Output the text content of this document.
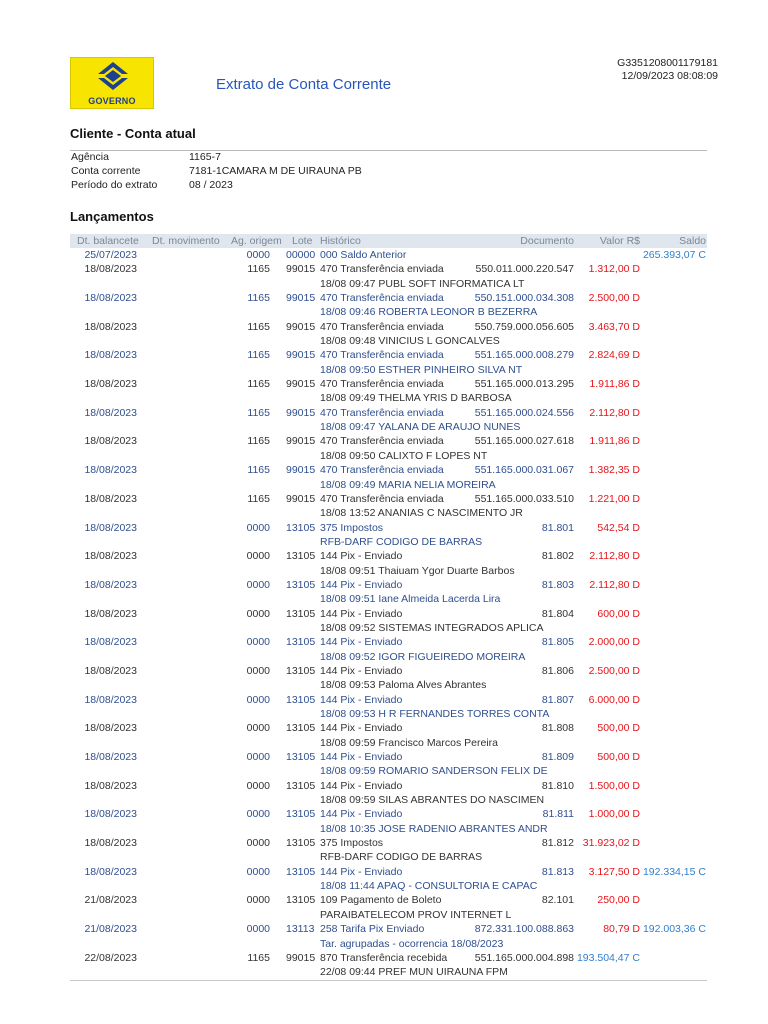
GOVERNO
Extrato de Conta Corrente
G3351208001179181
12/09/2023 08:08:09
Cliente - Conta atual
Agência	1165-7
Conta corrente	7181-1CAMARA M DE UIRAUNA PB
Período do extrato	08 / 2023
Lançamentos
Dt. balancete Dt. movimento Ag. origem Lote Histórico	Documento	Valor R$	Saldo
25/07/2023	0000 00000 000 Saldo Anterior	265.393,07 C
18/08/2023	1165 99015 470 Transferência enviada	550.011.000.220.547	1.312,00 D
18/08 09:47 PUBL SOFT INFORMATICA LT
18/08/2023	1165 99015 470 Transferência enviada	550.151.000.034.308	2.500,00 D
18/08 09:46 ROBERTA LEONOR B BEZERRA
18/08/2023	1165 99015 470 Transferência enviada	550.759.000.056.605	3.463,70 D
18/08 09:48 VINICIUS L GONCALVES
18/08/2023	1165 99015 470 Transferência enviada	551.165.000.008.279	2.824,69 D
18/08 09:50 ESTHER PINHEIRO SILVA NT
18/08/2023	1165 99015 470 Transferência enviada	551.165.000.013.295	1.911,86 D
18/08 09:49 THELMA YRIS D BARBOSA
18/08/2023	1165 99015 470 Transferência enviada	551.165.000.024.556	2.112,80 D
18/08 09:47 YALANA DE ARAUJO NUNES
18/08/2023	1165 99015 470 Transferência enviada	551.165.000.027.618	1.911,86 D
18/08 09:50 CALIXTO F LOPES NT
18/08/2023	1165 99015 470 Transferência enviada	551.165.000.031.067	1.382,35 D
18/08 09:49 MARIA NELIA MOREIRA
18/08/2023	1165 99015 470 Transferência enviada	551.165.000.033.510	1.221,00 D
18/08 13:52 ANANIAS C NASCIMENTO JR
18/08/2023	0000 13105 375 Impostos	81.801	542,54 D
RFB-DARF CODIGO DE BARRAS
18/08/2023	0000 13105 144 Pix - Enviado	81.802	2.112,80 D
18/08 09:51 Thaiuam Ygor Duarte Barbos
18/08/2023	0000 13105 144 Pix - Enviado	81.803	2.112,80 D
18/08 09:51 Iane Almeida Lacerda Lira
18/08/2023	0000 13105 144 Pix - Enviado	81.804	600,00 D
18/08 09:52 SISTEMAS INTEGRADOS APLICA
18/08/2023	0000 13105 144 Pix - Enviado	81.805	2.000,00 D
18/08 09:52 IGOR FIGUEIREDO MOREIRA
18/08/2023	0000 13105 144 Pix - Enviado	81.806	2.500,00 D
18/08 09:53 Paloma Alves Abrantes
18/08/2023	0000 13105 144 Pix - Enviado	81.807	6.000,00 D
18/08 09:53 H R FERNANDES TORRES CONTA
18/08/2023	0000 13105 144 Pix - Enviado	81.808	500,00 D
18/08 09:59 Francisco Marcos Pereira
18/08/2023	0000 13105 144 Pix - Enviado	81.809	500,00 D
18/08 09:59 ROMARIO SANDERSON FELIX DE
18/08/2023	0000 13105 144 Pix - Enviado	81.810	1.500,00 D
18/08 09:59 SILAS ABRANTES DO NASCIMEN
18/08/2023	0000 13105 144 Pix - Enviado	81.811	1.000,00 D
18/08 10:35 JOSE RADENIO ABRANTES ANDR
18/08/2023	0000 13105 375 Impostos	81.812 31.923,02 D
RFB-DARF CODIGO DE BARRAS
18/08/2023	0000 13105 144 Pix - Enviado	81.813	3.127,50 D 192.334,15 C
18/08 11:44 APAQ - CONSULTORIA E CAPAC
21/08/2023	0000 13105 109 Pagamento de Boleto	82.101	250,00 D
PARAIBATELECOM PROV INTERNET L
21/08/2023	0000 13113 258 Tarifa Pix Enviado	872.331.100.088.863	80,79 D 192.003,36 C
Tar. agrupadas - ocorrencia 18/08/2023
22/08/2023	1165 99015 870 Transferência recebida	551.165.000.004.898 193.504,47 C
22/08 09:44 PREF MUN UIRAUNA FPM
